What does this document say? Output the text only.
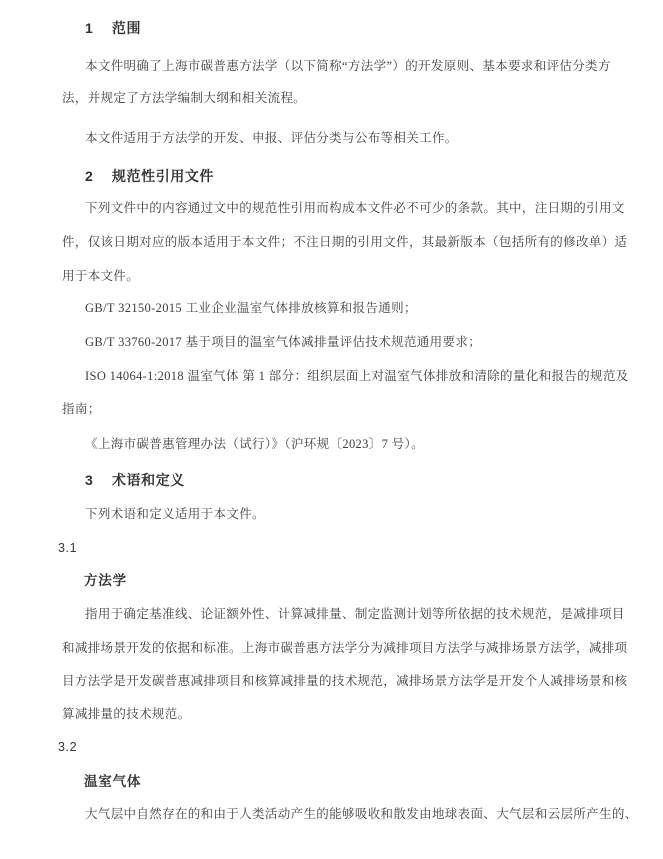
1 范围
本文件明确了上海市碳普惠方法学（以下简称“方法学”）的开发原则、基本要求和评估分类方
法，并规定了方法学编制大纲和相关流程。
本文件适用于方法学的开发、申报、评估分类与公布等相关工作。
2 规范性引用文件
下列文件中的内容通过文中的规范性引用而构成本文件必不可少的条款。其中，注日期的引用文
件，仅该日期对应的版本适用于本文件；不注日期的引用文件，其最新版本（包括所有的修改单）适
用于本文件。
GB/T 32150-2015 工业企业温室气体排放核算和报告通则；
GB/T 33760-2017 基于项目的温室气体减排量评估技术规范通用要求；
ISO 14064-1:2018 温室气体 第 1 部分：组织层面上对温室气体排放和清除的量化和报告的规范及
指南；
《上海市碳普惠管理办法（试行）》（沪环规〔2023〕7 号）。
3 术语和定义
下列术语和定义适用于本文件。
3.1
方法学
指用于确定基准线、论证额外性、计算减排量、制定监测计划等所依据的技术规范，是减排项目
和减排场景开发的依据和标准。上海市碳普惠方法学分为减排项目方法学与减排场景方法学，减排项
目方法学是开发碳普惠减排项目和核算减排量的技术规范，减排场景方法学是开发个人减排场景和核
算减排量的技术规范。
3.2
温室气体
大气层中自然存在的和由于人类活动产生的能够吸收和散发由地球表面、大气层和云层所产生的、
